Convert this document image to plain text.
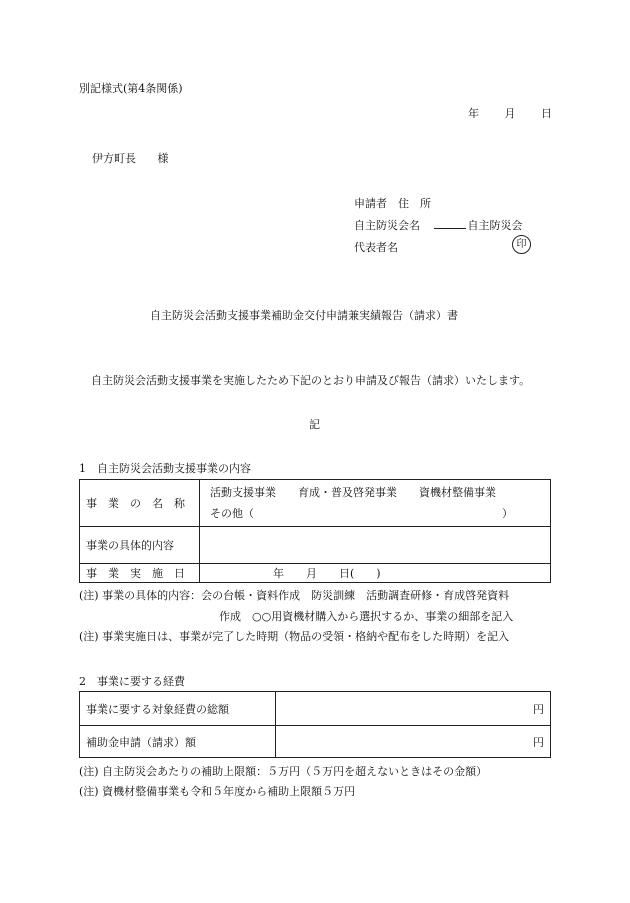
別記様式(第4条関係)
年 月 日
伊方町長 様
申請者　住　所
自主防災会名	自主防災会
代表者名	印
自主防災会活動支援事業補助金交付申請兼実績報告（請求）書
自主防災会活動支援事業を実施したため下記のとおり申請及び報告（請求）いたします。
記
1　自主防災会活動支援事業の内容
事　業　の　名　称	活動支援事業 育成・普及啓発事業 資機材整備事業
その他（ ）

事業の具体的内容	
事　業　実　施　日	年　　月　　日(　　)
(注) 事業の具体的内容：会の台帳・資料作成　防災訓練　活動調査研修・育成啓発資料
作成　○○用資機材購入から選択するか、事業の細部を記入
(注) 事業実施日は、事業が完了した時期（物品の受領・格納や配布をした時期）を記入
2　事業に要する経費
事業に要する対象経費の総額	円
補助金申請（請求）額	円
(注) 自主防災会あたりの補助上限額：５万円（５万円を超えないときはその金額）
(注) 資機材整備事業も令和５年度から補助上限額５万円
